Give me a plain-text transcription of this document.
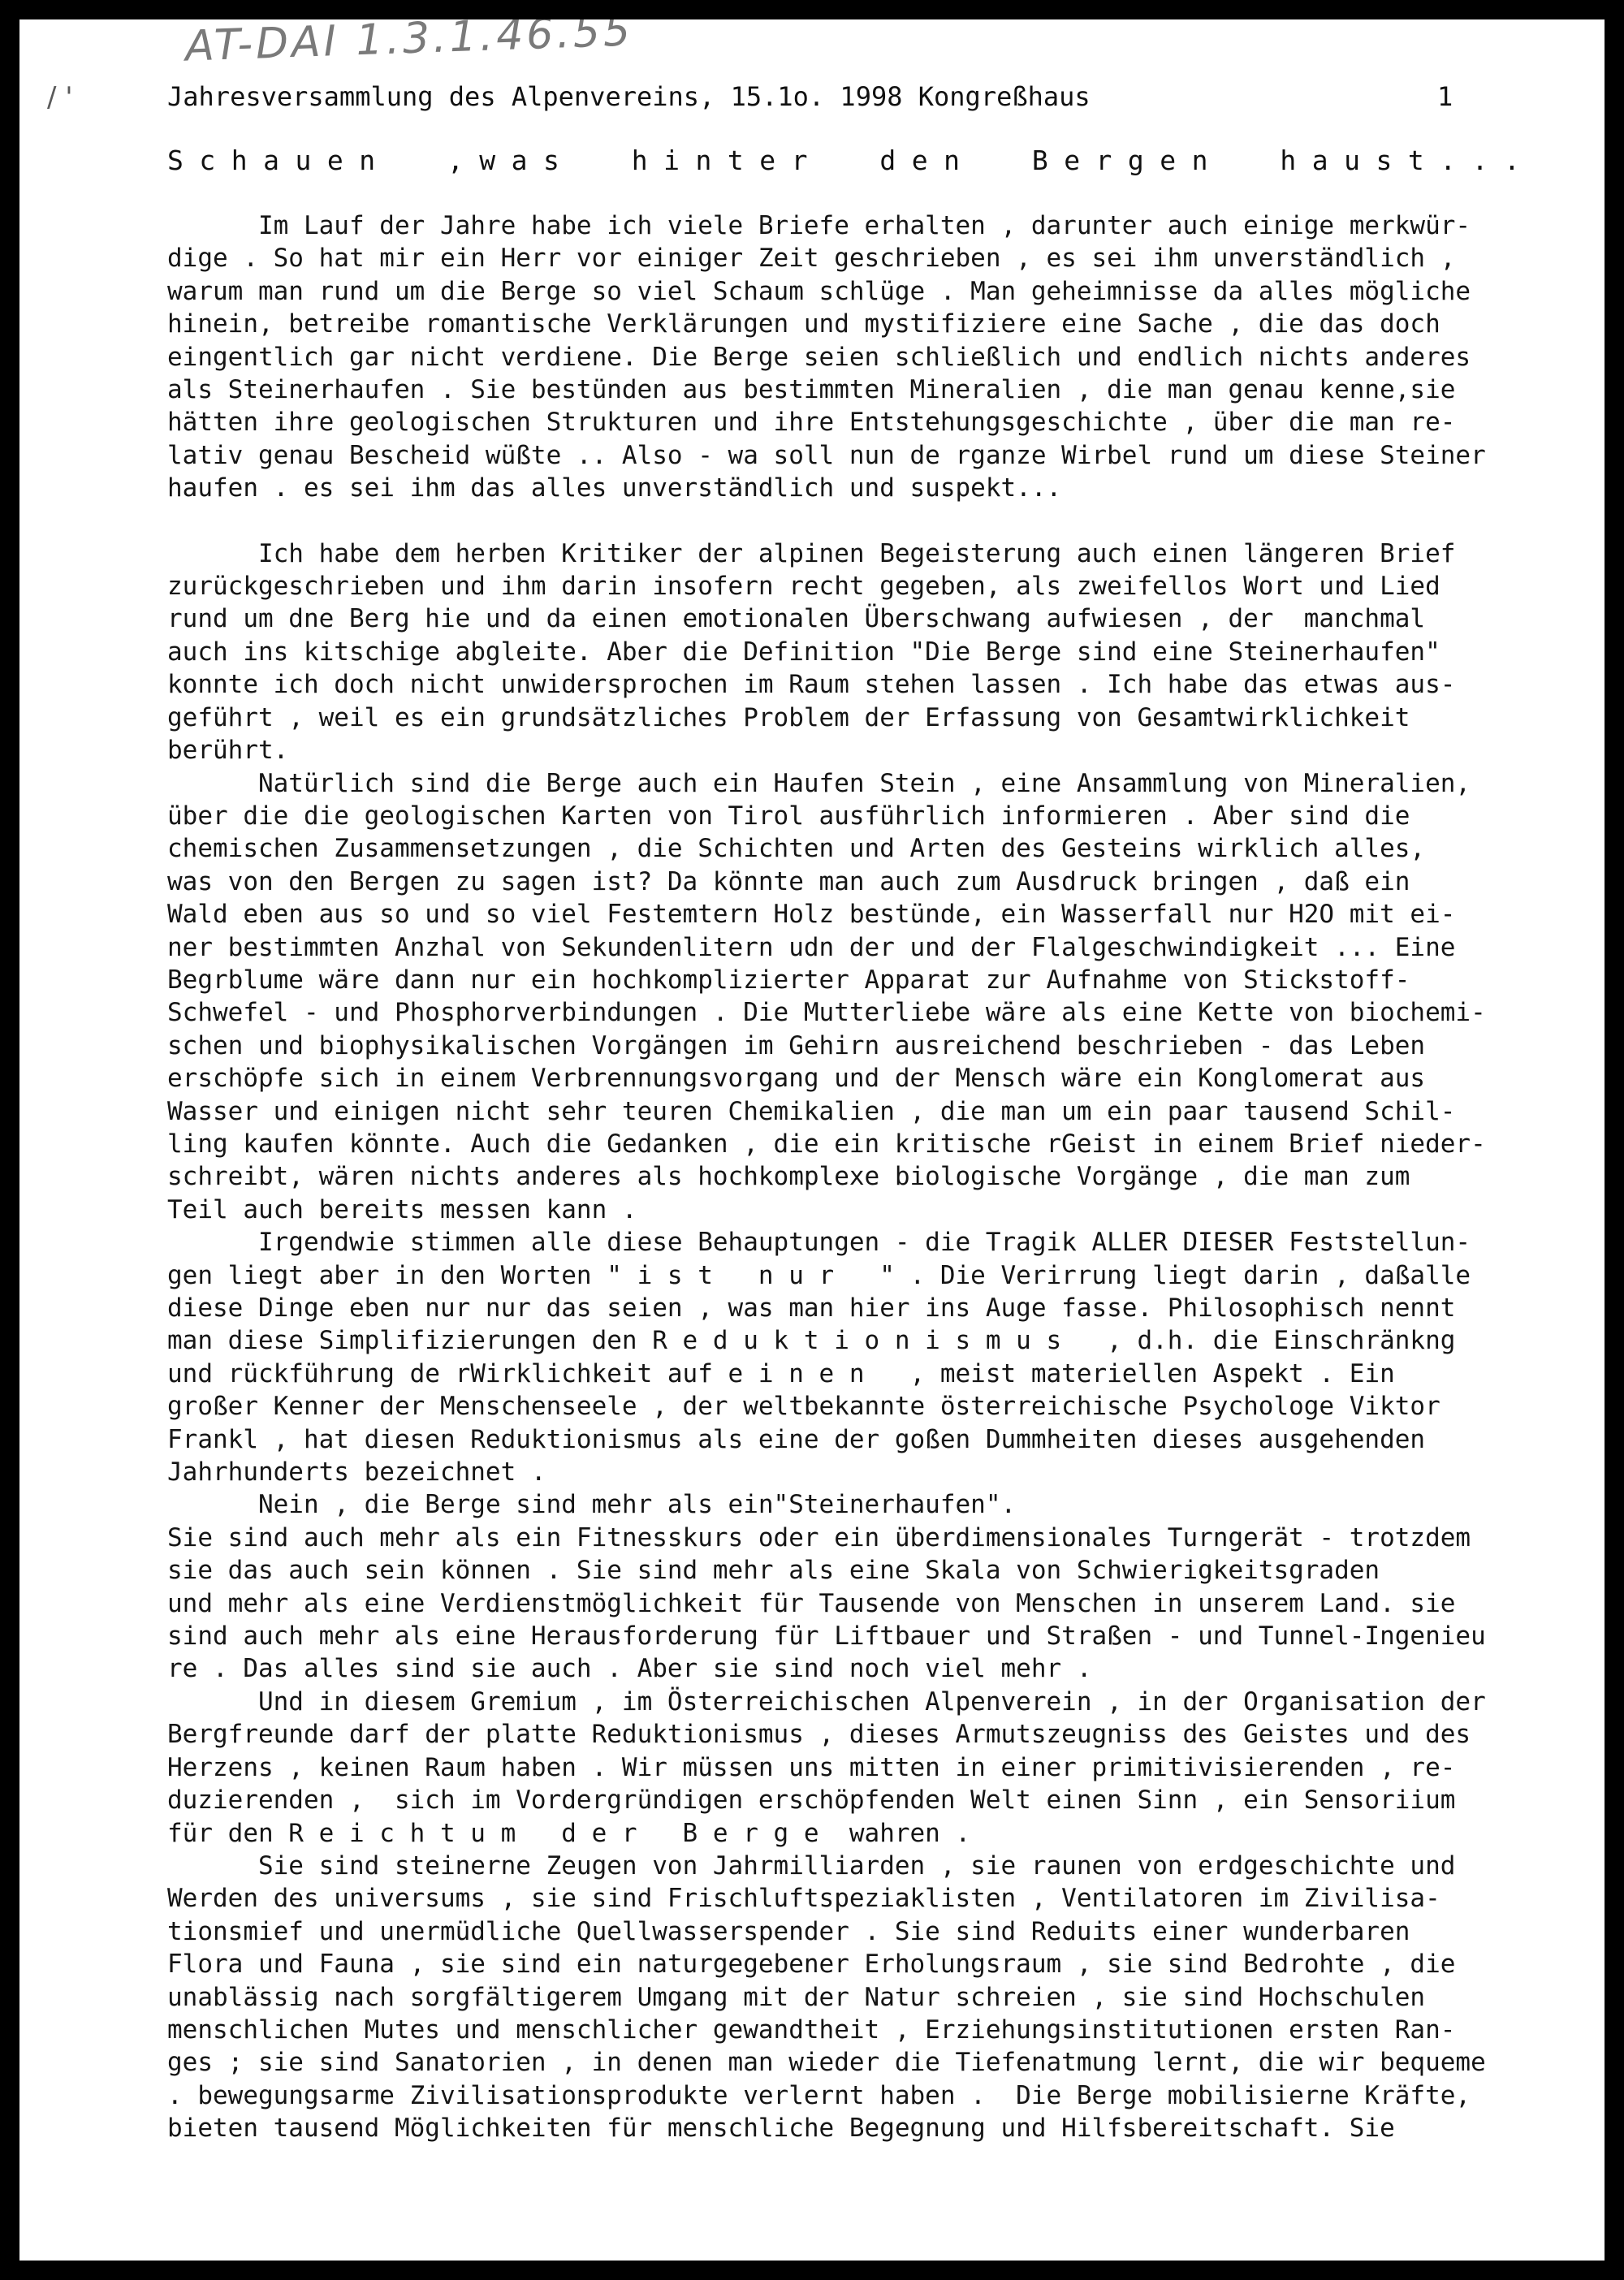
AT-DAI 1.3.1.46.55
/ '	Jahresversammlung des Alpenvereins, 15.1o. 1998 Kongreßhaus	1
Schauen ,was hinter den Bergen haust...

Im Lauf der Jahre habe ich viele Briefe erhalten , darunter auch einige merkwür-
dige . So hat mir ein Herr vor einiger Zeit geschrieben , es sei ihm unverständlich ,
warum man rund um die Berge so viel Schaum schlüge . Man geheimnisse da alles mögliche
hinein, betreibe romantische Verklärungen und mystifiziere eine Sache , die das doch
eingentlich gar nicht verdiene. Die Berge seien schließlich und endlich nichts anderes
als Steinerhaufen . Sie bestünden aus bestimmten Mineralien , die man genau kenne,sie
hätten ihre geologischen Strukturen und ihre Entstehungsgeschichte , über die man re-
lativ genau Bescheid wüßte .. Also - wa soll nun de rganze Wirbel rund um diese Steiner
haufen . es sei ihm das alles unverständlich und suspekt...

Ich habe dem herben Kritiker der alpinen Begeisterung auch einen längeren Brief
zurückgeschrieben und ihm darin insofern recht gegeben, als zweifellos Wort und Lied
rund um dne Berg hie und da einen emotionalen Überschwang aufwiesen , der  manchmal
auch ins kitschige abgleite. Aber die Definition "Die Berge sind eine Steinerhaufen"
konnte ich doch nicht unwidersprochen im Raum stehen lassen . Ich habe das etwas aus-
geführt , weil es ein grundsätzliches Problem der Erfassung von Gesamtwirklichkeit
berührt.

Natürlich sind die Berge auch ein Haufen Stein , eine Ansammlung von Mineralien,
über die die geologischen Karten von Tirol ausführlich informieren . Aber sind die
chemischen Zusammensetzungen , die Schichten und Arten des Gesteins wirklich alles,
was von den Bergen zu sagen ist? Da könnte man auch zum Ausdruck bringen , daß ein
Wald eben aus so und so viel Festemtern Holz bestünde, ein Wasserfall nur H2O mit ei-
ner bestimmten Anzhal von Sekundenlitern udn der und der Flalgeschwindigkeit ... Eine
Begrblume wäre dann nur ein hochkomplizierter Apparat zur Aufnahme von Stickstoff-
Schwefel - und Phosphorverbindungen . Die Mutterliebe wäre als eine Kette von biochemi-
schen und biophysikalischen Vorgängen im Gehirn ausreichend beschrieben - das Leben
erschöpfe sich in einem Verbrennungsvorgang und der Mensch wäre ein Konglomerat aus
Wasser und einigen nicht sehr teuren Chemikalien , die man um ein paar tausend Schil-
ling kaufen könnte. Auch die Gedanken , die ein kritische rGeist in einem Brief nieder-
schreibt, wären nichts anderes als hochkomplexe biologische Vorgänge , die man zum
Teil auch bereits messen kann .

Irgendwie stimmen alle diese Behauptungen - die Tragik ALLER DIESER Feststellun-
gen liegt aber in den Worten " i s t   n u r   " . Die Verirrung liegt darin , daßalle
diese Dinge eben nur nur das seien , was man hier ins Auge fasse. Philosophisch nennt
man diese Simplifizierungen den R e d u k t i o n i s m u s   , d.h. die Einschränkng
und rückführung de rWirklichkeit auf e i n e n   , meist materiellen Aspekt . Ein
großer Kenner der Menschenseele , der weltbekannte österreichische Psychologe Viktor
Frankl , hat diesen Reduktionismus als eine der goßen Dummheiten dieses ausgehenden
Jahrhunderts bezeichnet .

Nein , die Berge sind mehr als ein"Steinerhaufen".
Sie sind auch mehr als ein Fitnesskurs oder ein überdimensionales Turngerät - trotzdem
sie das auch sein können . Sie sind mehr als eine Skala von Schwierigkeitsgraden
und mehr als eine Verdienstmöglichkeit für Tausende von Menschen in unserem Land. sie
sind auch mehr als eine Herausforderung für Liftbauer und Straßen - und Tunnel-Ingenieu
re . Das alles sind sie auch . Aber sie sind noch viel mehr .

Und in diesem Gremium , im Österreichischen Alpenverein , in der Organisation der
Bergfreunde darf der platte Reduktionismus , dieses Armutszeugniss des Geistes und des
Herzens , keinen Raum haben . Wir müssen uns mitten in einer primitivisierenden , re-
duzierenden ,  sich im Vordergründigen erschöpfenden Welt einen Sinn , ein Sensoriium
für den R e i c h t u m   d e r   B e r g e  wahren .

Sie sind steinerne Zeugen von Jahrmilliarden , sie raunen von erdgeschichte und
Werden des universums , sie sind Frischluftspeziaklisten , Ventilatoren im Zivilisa-
tionsmief und unermüdliche Quellwasserspender . Sie sind Reduits einer wunderbaren
Flora und Fauna , sie sind ein naturgegebener Erholungsraum , sie sind Bedrohte , die
unablässig nach sorgfältigerem Umgang mit der Natur schreien , sie sind Hochschulen
menschlichen Mutes und menschlicher gewandtheit , Erziehungsinstitutionen ersten Ran-
ges ; sie sind Sanatorien , in denen man wieder die Tiefenatmung lernt, die wir bequeme
. bewegungsarme Zivilisationsprodukte verlernt haben .  Die Berge mobilisierne Kräfte,
bieten tausend Möglichkeiten für menschliche Begegnung und Hilfsbereitschaft. Sie
